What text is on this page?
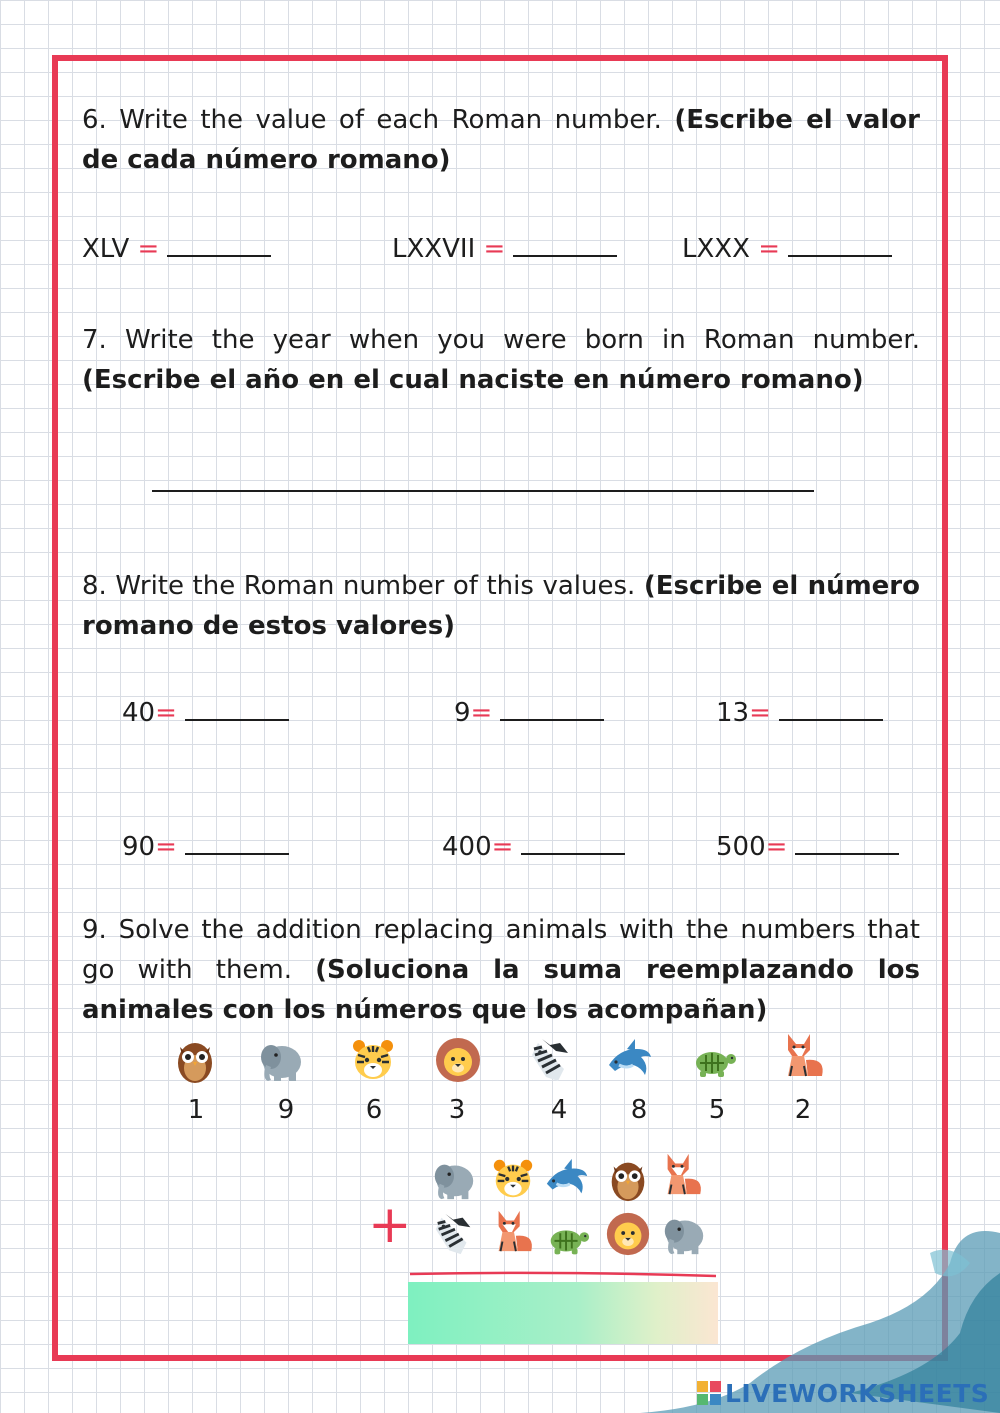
6. Write the value of each Roman number. (Escribe el valor de cada número romano)
XLV =	LXXVII =	LXXX =
7. Write the year when you were born in Roman number. (Escribe el año en el cual naciste en número romano)
8. Write the Roman number of this values. (Escribe el número romano de estos valores)
40=	9=	13=
90=	400=	500=
9. Solve the addition replacing animals with the numbers that go with them. (Soluciona la suma reemplazando los animales con los números que los acompañan)
1	9	6	3	4	8	5	2
+
LIVEWORKSHEETS
